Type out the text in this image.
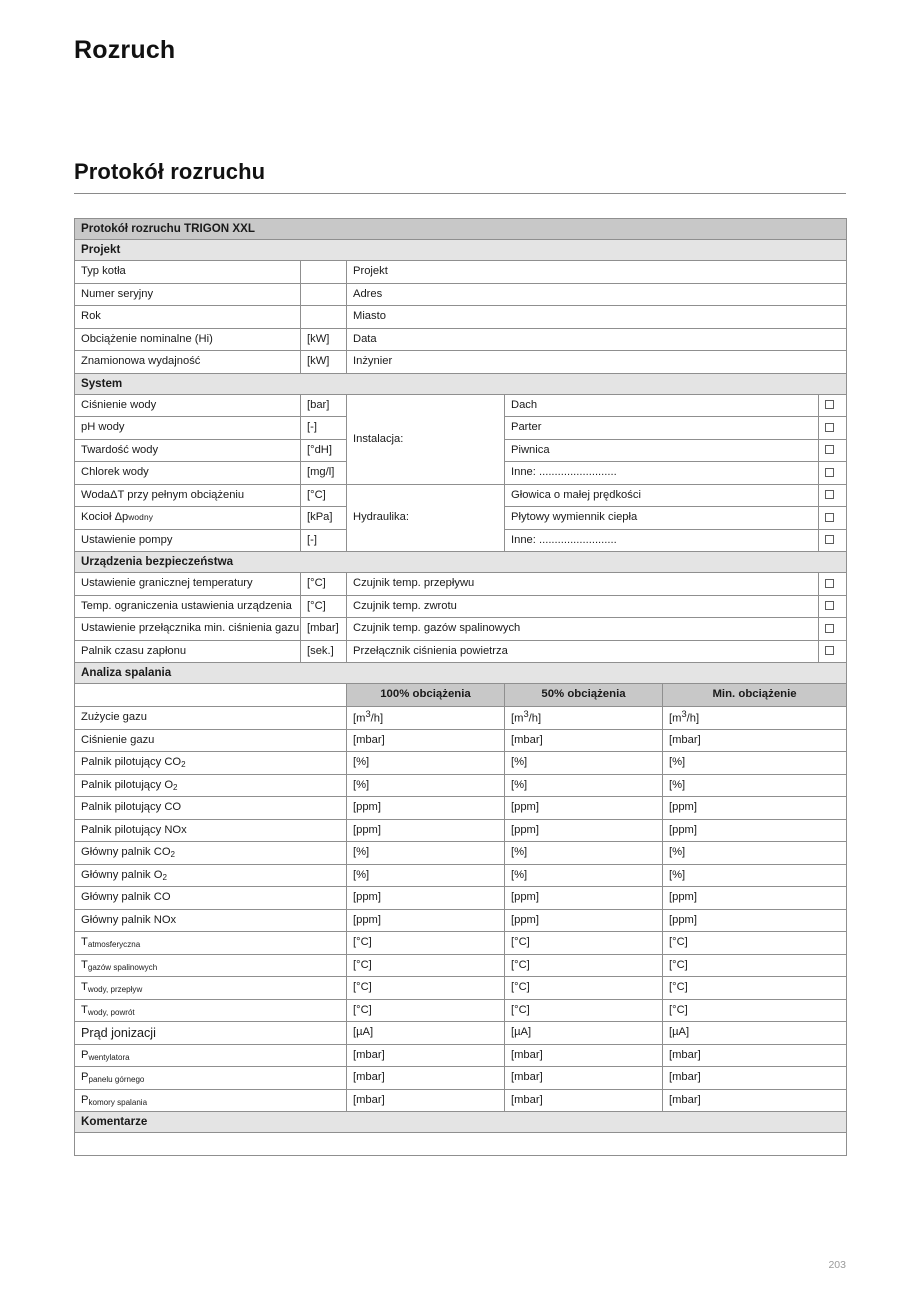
Rozruch
Protokół rozruchu
Protokół rozruchu TRIGON XXL					
Projekt					
Typ kotła		Projekt			
Numer seryjny		Adres			
Rok		Miasto			
Obciążenie nominalne (Hi)	[kW]	Data			
Znamionowa wydajność	[kW]	Inżynier			
System					
Ciśnienie wody	[bar]	Instalacja:	Dach		
pH wody	[-]		Parter		
Twardość wody	[°dH]		Piwnica		
Chlorek wody	[mg/l]		Inne: .........................		
WodaΔT przy pełnym obciążeniu	[°C]	Hydraulika:	Głowica o małej prędkości		
Kocioł Δpwodny	[kPa]		Płytowy wymiennik ciepła		
Ustawienie pompy	[-]		Inne: .........................		
Urządzenia bezpieczeństwa					
Ustawienie granicznej temperatury	[°C]	Czujnik temp. przepływu			
Temp. ograniczenia ustawienia urządzenia	[°C]	Czujnik temp. zwrotu			
Ustawienie przełącznika min. ciśnienia gazu	[mbar]	Czujnik temp. gazów spalinowych			
Palnik czasu zapłonu	[sek.]	Przełącznik ciśnienia powietrza			
Analiza spalania					
		100% obciążenia	50% obciążenia	Min. obciążenie	
Zużycie gazu		$[m^3/h]$	$[m^3/h]$	$[m^3/h]$	
Ciśnienie gazu		[mbar]	[mbar]	[mbar]	
Palnik pilotujący $CO_2$		[%]	[%]	[%]	
Palnik pilotujący $O_2$		[%]	[%]	[%]	
Palnik pilotujący CO		[ppm]	[ppm]	[ppm]	
Palnik pilotujący NOx		[ppm]	[ppm]	[ppm]	
Główny palnik $CO_2$		[%]	[%]	[%]	
Główny palnik $O_2$		[%]	[%]	[%]	
Główny palnik CO		[ppm]	[ppm]	[ppm]	
Główny palnik NOx		[ppm]	[ppm]	[ppm]	
$T_{atmosferyczna}$		[°C]	[°C]	[°C]	
$T_{gazów spalinowych}$		[°C]	[°C]	[°C]	
$T_{wody, przepływ}$		[°C]	[°C]	[°C]	
$T_{wody, powrót}$		[°C]	[°C]	[°C]	
Prąd jonizacji		[µA]	[µA]	[µA]	
$P_{wentylatora}$		[mbar]	[mbar]	[mbar]	
$P_{panelu górnego}$		[mbar]	[mbar]	[mbar]	
$P_{komory spalania}$		[mbar]	[mbar]	[mbar]	
Komentarze					

203
